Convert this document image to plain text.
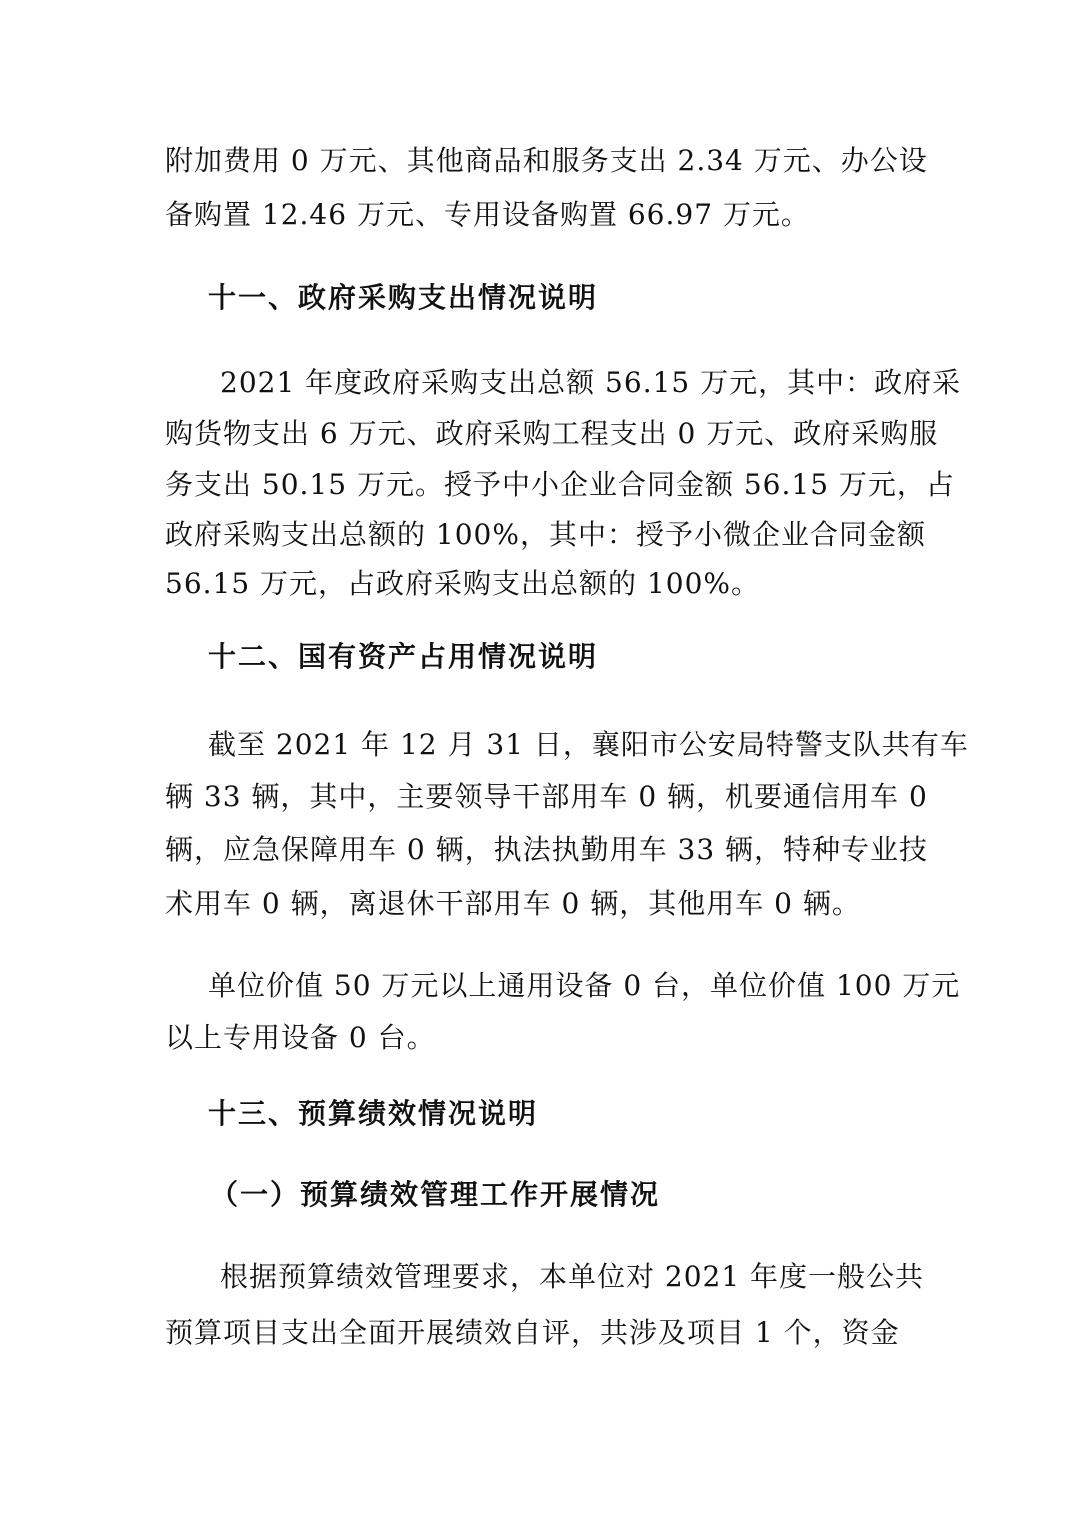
附加费用 0 万元、其他商品和服务支出 2.34 万元、办公设
备购置 12.46 万元、专用设备购置 66.97 万元。
十一、政府采购支出情况说明
2021 年度政府采购支出总额 56.15 万元，其中：政府采
购货物支出 6 万元、政府采购工程支出 0 万元、政府采购服
务支出 50.15 万元。授予中小企业合同金额 56.15 万元，占
政府采购支出总额的 100%，其中：授予小微企业合同金额
56.15 万元，占政府采购支出总额的 100%。
十二、国有资产占用情况说明
截至 2021 年 12 月 31 日，襄阳市公安局特警支队共有车
辆 33 辆，其中，主要领导干部用车 0 辆，机要通信用车 0
辆，应急保障用车 0 辆，执法执勤用车 33 辆，特种专业技
术用车 0 辆，离退休干部用车 0 辆，其他用车 0 辆。
单位价值 50 万元以上通用设备 0 台，单位价值 100 万元
以上专用设备 0 台。
十三、预算绩效情况说明
（一）预算绩效管理工作开展情况
根据预算绩效管理要求，本单位对 2021 年度一般公共
预算项目支出全面开展绩效自评，共涉及项目 1 个，资金
